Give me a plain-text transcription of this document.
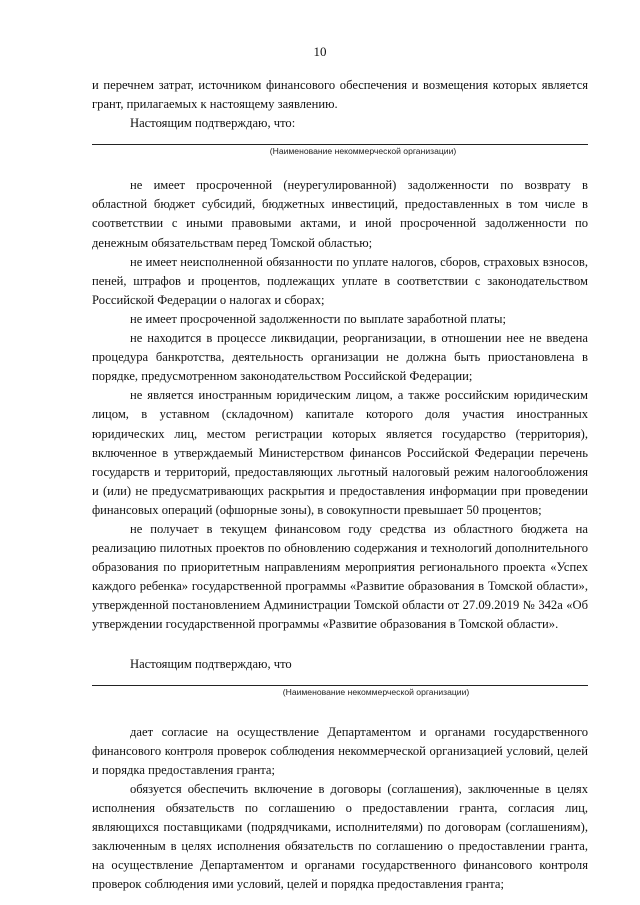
10

и перечнем затрат, источником финансового обеспечения и возмещения которых является грант, прилагаемых к настоящему заявлению.

Настоящим подтверждаю, что:

(Наименование некоммерческой организации)

не имеет просроченной (неурегулированной) задолженности по возврату в областной бюджет субсидий, бюджетных инвестиций, предоставленных в том числе в соответствии с иными правовыми актами, и иной просроченной задолженности по денежным обязательствам перед Томской областью;

не имеет неисполненной обязанности по уплате налогов, сборов, страховых взносов, пеней, штрафов и процентов, подлежащих уплате в соответствии с законодательством Российской Федерации о налогах и сборах;

не имеет просроченной задолженности по выплате заработной платы;

не находится в процессе ликвидации, реорганизации, в отношении нее не введена процедура банкротства, деятельность организации не должна быть приостановлена в порядке, предусмотренном законодательством Российской Федерации;

не является иностранным юридическим лицом, а также российским юридическим лицом, в уставном (складочном) капитале которого доля участия иностранных юридических лиц, местом регистрации которых является государство (территория), включенное в утверждаемый Министерством финансов Российской Федерации перечень государств и территорий, предоставляющих льготный налоговый режим налогообложения и (или) не предусматривающих раскрытия и предоставления информации при проведении финансовых операций (офшорные зоны), в совокупности превышает 50 процентов;

не получает в текущем финансовом году средства из областного бюджета на реализацию пилотных проектов по обновлению содержания и технологий дополнительного образования по приоритетным направлениям мероприятия регионального проекта «Успех каждого ребенка» государственной программы «Развитие образования в Томской области», утвержденной постановлением Администрации Томской области от 27.09.2019 № 342а «Об утверждении государственной программы «Развитие образования в Томской области».

Настоящим подтверждаю, что

(Наименование некоммерческой организации)

дает согласие на осуществление Департаментом и органами государственного финансового контроля проверок соблюдения некоммерческой организацией условий, целей и порядка предоставления гранта;

обязуется обеспечить включение в договоры (соглашения), заключенные в целях исполнения обязательств по соглашению о предоставлении гранта, согласия лиц, являющихся поставщиками (подрядчиками, исполнителями) по договорам (соглашениям), заключенным в целях исполнения обязательств по соглашению о предоставлении гранта, на осуществление Департаментом и органами государственного финансового контроля проверок соблюдения ими условий, целей и порядка предоставления гранта;
